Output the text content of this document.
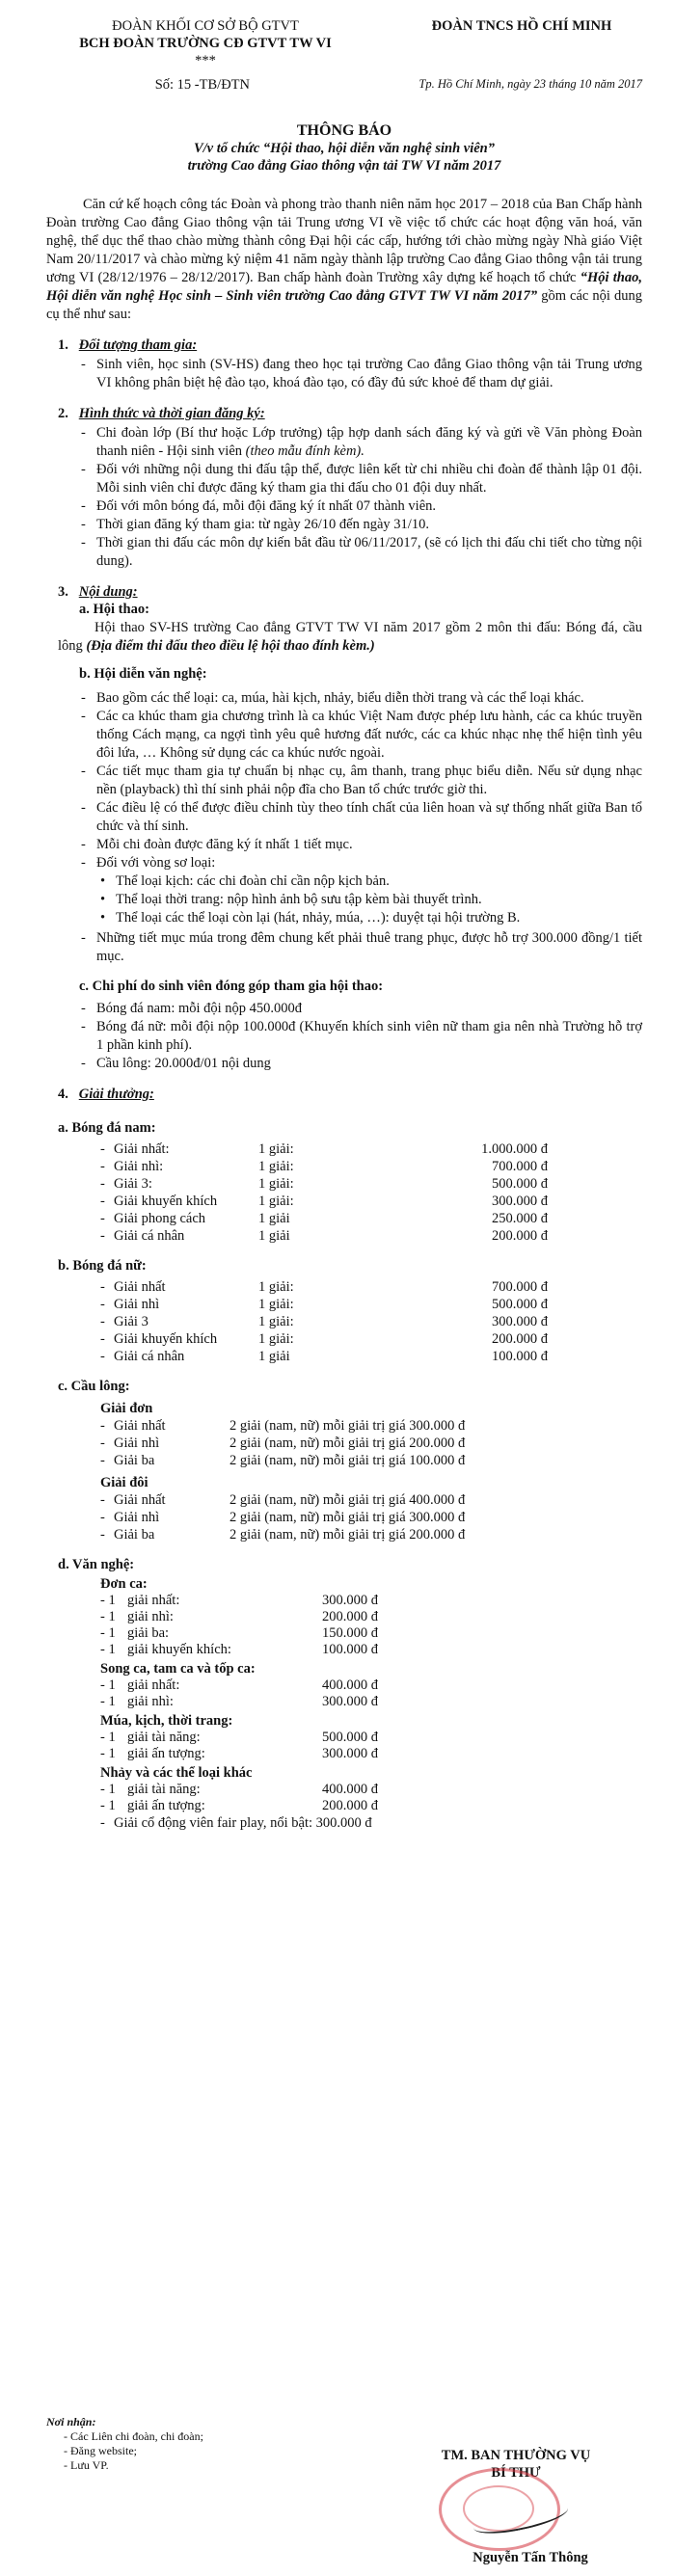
ĐOÀN KHỐI CƠ SỞ BỘ GTVT
BCH ĐOÀN TRƯỜNG CĐ GTVT TW VI
***
ĐOÀN TNCS HỒ CHÍ MINH
Số: 15 -TB/ĐTN	Tp. Hồ Chí Minh, ngày 23 tháng 10 năm 2017
THÔNG BÁO
V/v tổ chức “Hội thao, hội diễn văn nghệ sinh viên”
trường Cao đẳng Giao thông vận tải TW VI năm 2017

Căn cứ kế hoạch công tác Đoàn và phong trào thanh niên năm học 2017 – 2018 của Ban Chấp hành Đoàn trường Cao đẳng Giao thông vận tải Trung ương VI về việc tổ chức các hoạt động văn hoá, văn nghệ, thể dục thể thao chào mừng thành công Đại hội các cấp, hướng tới chào mừng ngày Nhà giáo Việt Nam 20/11/2017 và chào mừng kỷ niệm 41 năm ngày thành lập trường Cao đẳng Giao thông vận tải trung ương VI (28/12/1976 – 28/12/2017). Ban chấp hành đoàn Trường xây dựng kế hoạch tổ chức “Hội thao, Hội diễn văn nghệ Học sinh – Sinh viên trường Cao đẳng GTVT TW VI năm 2017” gồm các nội dung cụ thể như sau:

1.   Đối tượng tham gia:
- Sinh viên, học sinh (SV-HS) đang theo học tại trường Cao đẳng Giao thông vận tải Trung ương VI không phân biệt hệ đào tạo, khoá đào tạo, có đầy đủ sức khoẻ để tham dự giải.
2.   Hình thức và thời gian đăng ký:
- Chi đoàn lớp (Bí thư hoặc Lớp trưởng) tập hợp danh sách đăng ký và gửi về Văn phòng Đoàn thanh niên - Hội sinh viên (theo mẫu đính kèm).
- Đối với những nội dung thi đấu tập thể, được liên kết từ chi nhiều chi đoàn để thành lập 01 đội. Mỗi sinh viên chỉ được đăng ký tham gia thi đấu cho 01 đội duy nhất.
- Đối với môn bóng đá, mỗi đội đăng ký ít nhất 07 thành viên.
- Thời gian đăng ký tham gia: từ ngày 26/10 đến ngày 31/10.
- Thời gian thi đấu các môn dự kiến bắt đầu từ 06/11/2017, (sẽ có lịch thi đấu chi tiết cho từng nội dung).
3.   Nội dung:
a. Hội thao:

Hội thao SV-HS trường Cao đẳng GTVT TW VI năm 2017 gồm 2 môn thi đấu: Bóng đá, cầu lông (Địa điểm thi đấu theo điều lệ hội thao đính kèm.)

b. Hội diễn văn nghệ:
- Bao gồm các thể loại: ca, múa, hài kịch, nhảy, biểu diễn thời trang và các thể loại khác.
- Các ca khúc tham gia chương trình là ca khúc Việt Nam được phép lưu hành, các ca khúc truyền thống Cách mạng, ca ngợi tình yêu quê hương đất nước, các ca khúc nhạc nhẹ thể hiện tình yêu đôi lứa, … Không sử dụng các ca khúc nước ngoài.
- Các tiết mục tham gia tự chuẩn bị nhạc cụ, âm thanh, trang phục biểu diễn. Nếu sử dụng nhạc nền (playback) thì thí sinh phải nộp đĩa cho Ban tổ chức trước giờ thi.
- Các điều lệ có thể được điều chỉnh tùy theo tính chất của liên hoan và sự thống nhất giữa Ban tổ chức và thí sinh.
- Mỗi chi đoàn được đăng ký ít nhất 1 tiết mục.
- Đối với vòng sơ loại:
• Thể loại kịch: các chi đoàn chỉ cần nộp kịch bản.
• Thể loại thời trang: nộp hình ảnh bộ sưu tập kèm bài thuyết trình.
• Thể loại các thể loại còn lại (hát, nhảy, múa, …): duyệt tại hội trường B.
- Những tiết mục múa trong đêm chung kết phải thuê trang phục, được hỗ trợ 300.000 đồng/1 tiết mục.
c. Chi phí do sinh viên đóng góp tham gia hội thao:
- Bóng đá nam: mỗi đội nộp 450.000đ
- Bóng đá nữ: mỗi đội nộp 100.000đ (Khuyến khích sinh viên nữ tham gia nên nhà Trường hỗ trợ 1 phần kinh phí).
- Cầu lông: 20.000đ/01 nội dung
4.   Giải thưởng:
a. Bóng đá nam:
- Giải nhất:	1 giải:	1.000.000 đ
- Giải nhì:	1 giải:	700.000 đ
- Giải 3:	1 giải:	500.000 đ
- Giải khuyến khích	1 giải:	300.000 đ
- Giải phong cách	1 giải	250.000 đ
- Giải cá nhân	1 giải	200.000 đ
b. Bóng đá nữ:
- Giải nhất	1 giải:	700.000 đ
- Giải nhì	1 giải:	500.000 đ
- Giải 3	1 giải:	300.000 đ
- Giải khuyến khích	1 giải:	200.000 đ
- Giải cá nhân	1 giải	100.000 đ
c. Cầu lông:
Giải đơn
- Giải nhất	2 giải (nam, nữ) mỗi giải trị giá 300.000 đ
- Giải nhì	2 giải (nam, nữ) mỗi giải trị giá 200.000 đ
- Giải ba	2 giải (nam, nữ) mỗi giải trị giá 100.000 đ
Giải đôi
- Giải nhất	2 giải (nam, nữ) mỗi giải trị giá 400.000 đ
- Giải nhì	2 giải (nam, nữ) mỗi giải trị giá 300.000 đ
- Giải ba	2 giải (nam, nữ) mỗi giải trị giá 200.000 đ
d. Văn nghệ:
Đơn ca:
- 1 giải nhất:	300.000 đ
- 1 giải nhì:	200.000 đ
- 1 giải ba:	150.000 đ
- 1 giải khuyến khích:	100.000 đ
Song ca, tam ca và tốp ca:
- 1 giải nhất:	400.000 đ
- 1 giải nhì:	300.000 đ
Múa, kịch, thời trang:
- 1 giải tài năng:	500.000 đ
- 1 giải ấn tượng:	300.000 đ
Nhảy và các thể loại khác
- 1 giải tài năng:	400.000 đ
- 1 giải ấn tượng:	200.000 đ
- Giải cổ động viên fair play, nổi bật: 300.000 đ
Nơi nhận:
- Các Liên chi đoàn, chi đoàn;
- Đăng website;
- Lưu VP.
TM. BAN THƯỜNG VỤ
BÍ THƯ
Nguyễn Tấn Thông
